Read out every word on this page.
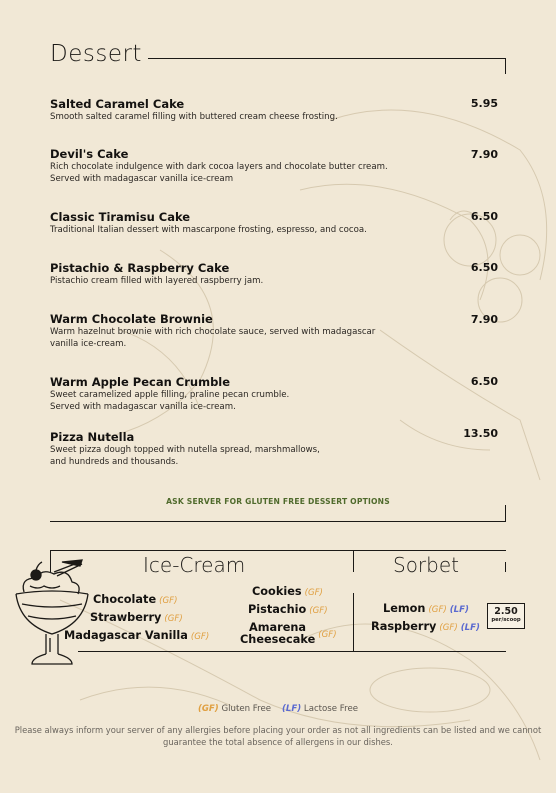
Dessert
Salted Caramel Cake
Smooth salted caramel filling with buttered cream cheese frosting.
5.95
Devil's Cake
Rich chocolate indulgence with dark cocoa layers and chocolate butter cream.
Served with madagascar vanilla ice-cream
7.90
Classic Tiramisu Cake
Traditional Italian dessert with mascarpone frosting, espresso, and cocoa.
6.50
Pistachio & Raspberry Cake
Pistachio cream filled with layered raspberry jam.
6.50
Warm Chocolate Brownie
Warm hazelnut brownie with rich chocolate sauce, served with madagascar
vanilla ice-cream.
7.90
Warm Apple Pecan Crumble
Sweet caramelized apple filling, praline pecan crumble.
Served with madagascar vanilla ice-cream.
6.50
Pizza Nutella
Sweet pizza dough topped with nutella spread, marshmallows,
and hundreds and thousands.
13.50
ASK SERVER FOR GLUTEN FREE DESSERT OPTIONS
Ice-Cream	Sorbet
Chocolate (GF)
Strawberry (GF)
Madagascar Vanilla (GF)
Cookies (GF)
Pistachio (GF)
Amarena
Cheesecake $^{(GF)}$
Lemon (GF) (LF)
Raspberry (GF) (LF)
2.50
per/scoop
(GF) Gluten Free (LF) Lactose Free
Please always inform your server of any allergies before placing your order as not all ingredients can be listed and we cannot guarantee the total absence of allergens in our dishes.
